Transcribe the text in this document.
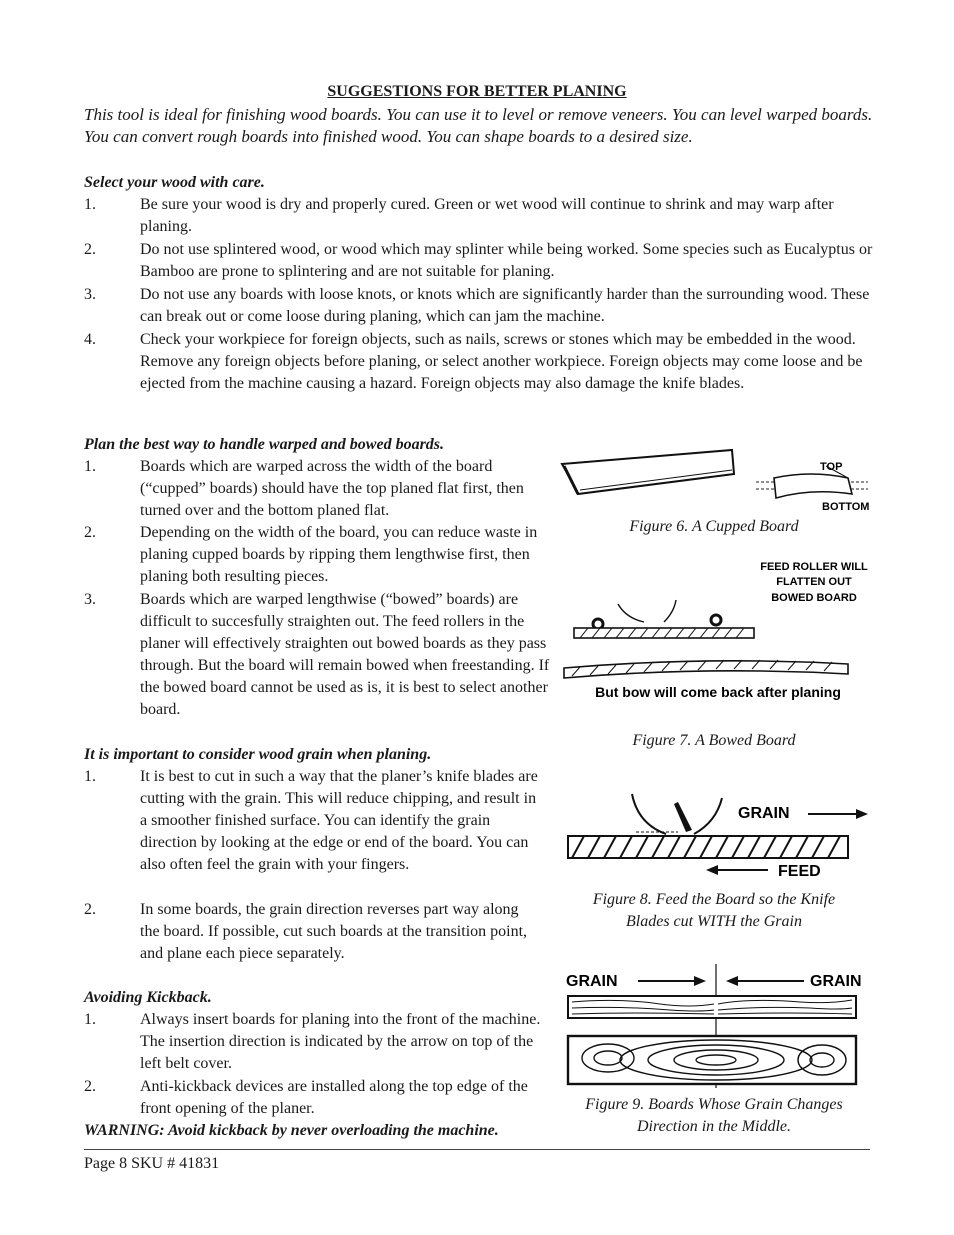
SUGGESTIONS FOR BETTER PLANING
This tool is ideal for finishing wood boards. You can use it to level or remove veneers. You can level warped boards. You can convert rough boards into finished wood. You can shape boards to a desired size.
Select your wood with care.
1.	Be sure your wood is dry and properly cured. Green or wet wood will continue to shrink and may warp after planing.
2.	Do not use splintered wood, or wood which may splinter while being worked. Some species such as Eucalyptus or Bamboo are prone to splintering and are not suitable for planing.
3.	Do not use any boards with loose knots, or knots which are significantly harder than the surrounding wood. These can break out or come loose during planing, which can jam the machine.
4.	Check your workpiece for foreign objects, such as nails, screws or stones which may be embedded in the wood. Remove any foreign objects before planing, or select another workpiece. Foreign objects may come loose and be ejected from the machine causing a hazard. Foreign objects may also damage the knife blades.
Plan the best way to handle warped and bowed boards.
1.	Boards which are warped across the width of the board (“cupped” boards) should have the top planed flat first, then turned over and the bottom planed flat.
2.	Depending on the width of the board, you can reduce waste in planing cupped boards by ripping them lengthwise first, then planing both resulting pieces.
3.	Boards which are warped lengthwise (“bowed” boards) are difficult to succesfully straighten out. The feed rollers in the planer will effectively straighten out bowed boards as they pass through. But the board will remain bowed when freestanding. If the bowed board cannot be used as is, it is best to select another board.
It is important to consider wood grain when planing.
1.	It is best to cut in such a way that the planer’s knife blades are cutting with the grain. This will reduce chipping, and result in a smoother finished surface. You can identify the grain direction by looking at the edge or end of the board. You can also often feel the grain with your fingers.
2.	In some boards, the grain direction reverses part way along the board. If possible, cut such boards at the transition point, and plane each piece separately.
Avoiding Kickback.
1.	Always insert boards for planing into the front of the machine. The insertion direction is indicated by the arrow on top of the left belt cover.
2.	Anti-kickback devices are installed along the top edge of the front opening of the planer.
WARNING: Avoid kickback by never overloading the machine.
TOP
BOTTOM
Figure 6. A Cupped Board
FEED ROLLER WILL
FLATTEN OUT
BOWED BOARD
But bow will come back after planing
Figure 7. A Bowed Board
GRAIN
FEED
Figure 8. Feed the Board so the Knife
Blades cut WITH the Grain
GRAIN	GRAIN
Figure 9. Boards Whose Grain Changes
Direction in the Middle.
Page 8 SKU # 41831
